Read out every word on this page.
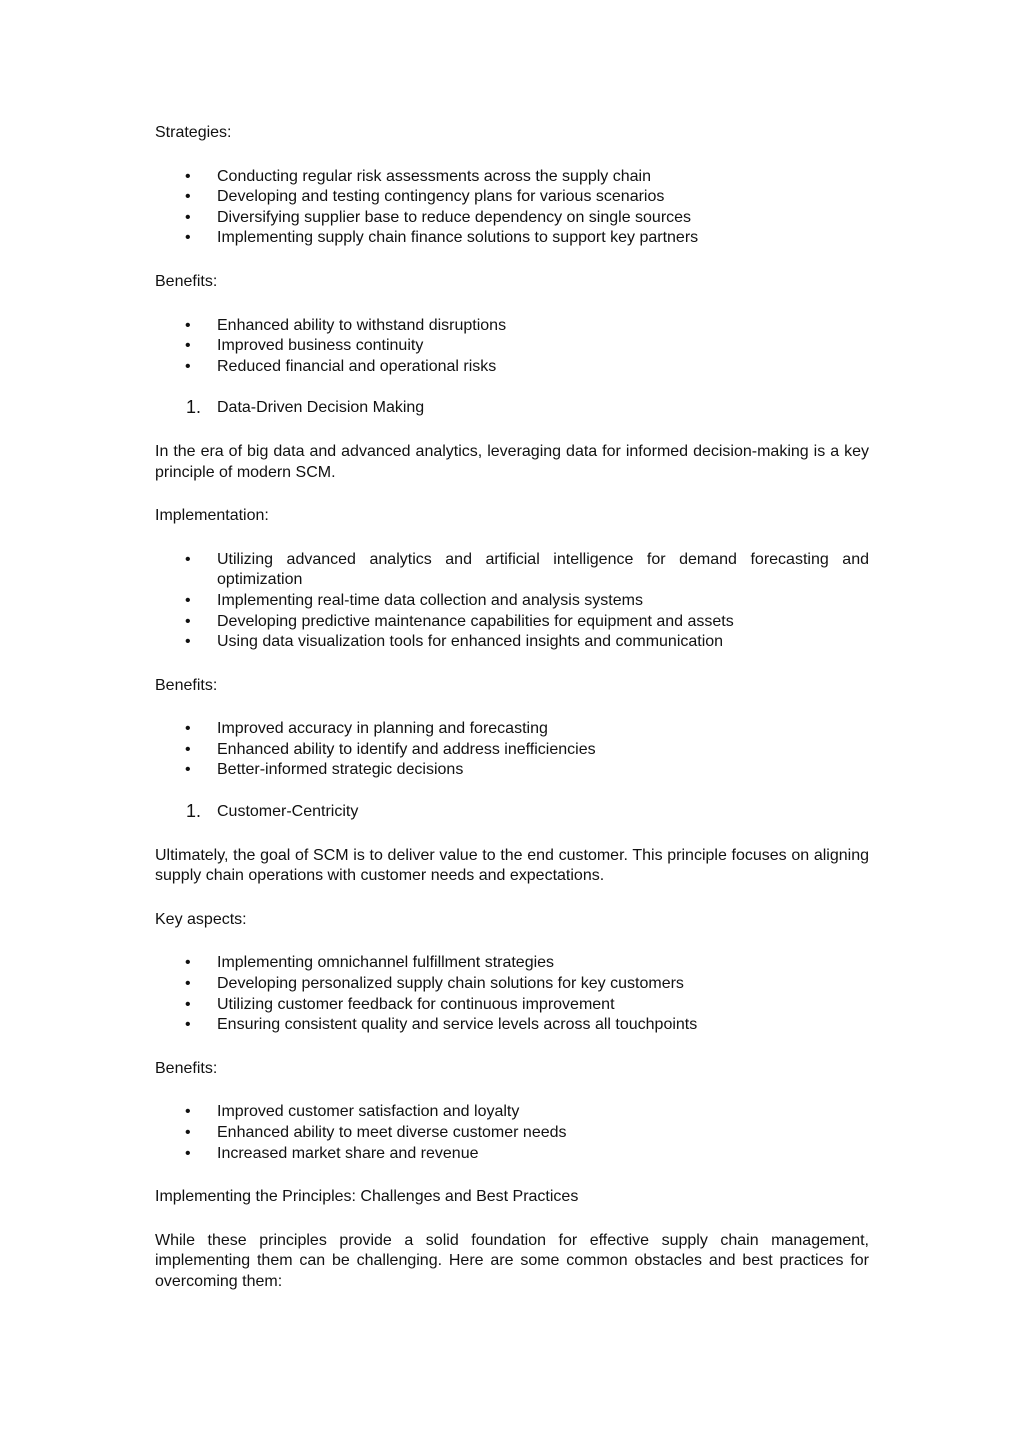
Strategies:

• Conducting regular risk assessments across the supply chain
• Developing and testing contingency plans for various scenarios
• Diversifying supplier base to reduce dependency on single sources
• Implementing supply chain finance solutions to support key partners

Benefits:

• Enhanced ability to withstand disruptions
• Improved business continuity
• Reduced financial and operational risks
1. Data-Driven Decision Making

In the era of big data and advanced analytics, leveraging data for informed decision-making is a key principle of modern SCM.

Implementation:

• Utilizing advanced analytics and artificial intelligence for demand forecasting and optimization
• Implementing real-time data collection and analysis systems
• Developing predictive maintenance capabilities for equipment and assets
• Using data visualization tools for enhanced insights and communication

Benefits:

• Improved accuracy in planning and forecasting
• Enhanced ability to identify and address inefficiencies
• Better-informed strategic decisions
1. Customer-Centricity

Ultimately, the goal of SCM is to deliver value to the end customer. This principle focuses on aligning supply chain operations with customer needs and expectations.

Key aspects:

• Implementing omnichannel fulfillment strategies
• Developing personalized supply chain solutions for key customers
• Utilizing customer feedback for continuous improvement
• Ensuring consistent quality and service levels across all touchpoints

Benefits:

• Improved customer satisfaction and loyalty
• Enhanced ability to meet diverse customer needs
• Increased market share and revenue

Implementing the Principles: Challenges and Best Practices

While these principles provide a solid foundation for effective supply chain management, implementing them can be challenging. Here are some common obstacles and best practices for overcoming them:
